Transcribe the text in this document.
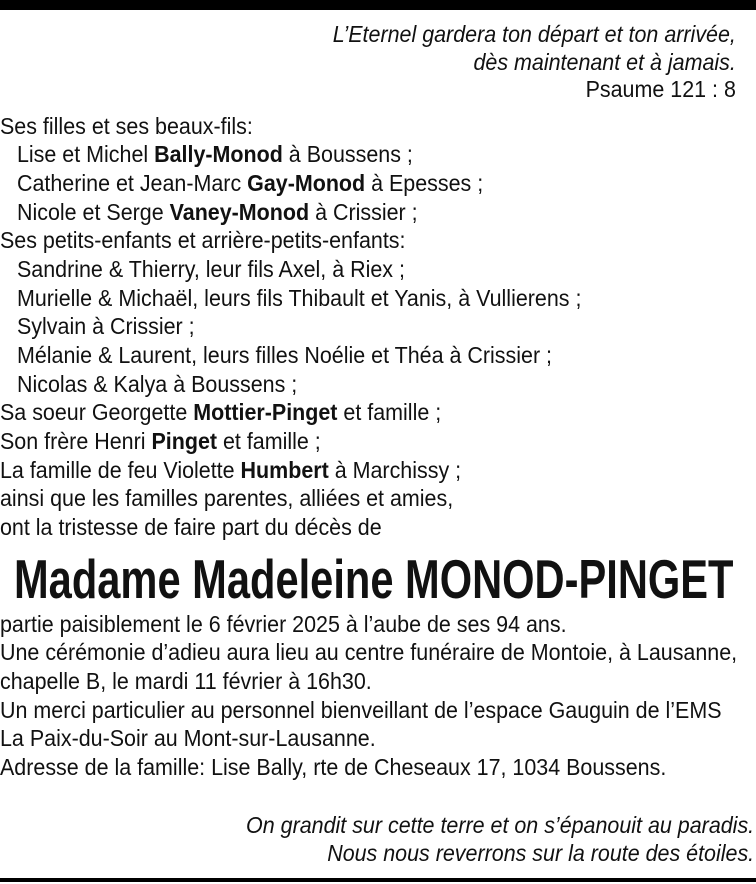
L’Eternel gardera ton départ et ton arrivée,
dès maintenant et à jamais.
Psaume 121 : 8
Ses filles et ses beaux-fils:
Lise et Michel Bally-Monod à Boussens ;
Catherine et Jean-Marc Gay-Monod à Epesses ;
Nicole et Serge Vaney-Monod à Crissier ;
Ses petits-enfants et arrière-petits-enfants:
Sandrine & Thierry, leur fils Axel, à Riex ;
Murielle & Michaël, leurs fils Thibault et Yanis, à Vullierens ;
Sylvain à Crissier ;
Mélanie & Laurent, leurs filles Noélie et Théa à Crissier ;
Nicolas & Kalya à Boussens ;
Sa soeur Georgette Mottier-Pinget et famille ;
Son frère Henri Pinget et famille ;
La famille de feu Violette Humbert à Marchissy ;
ainsi que les familles parentes, alliées et amies,
ont la tristesse de faire part du décès de
partie paisiblement le 6 février 2025 à l’aube de ses 94 ans.
Une cérémonie d’adieu aura lieu au centre funéraire de Montoie, à Lausanne,
chapelle B, le mardi 11 février à 16h30.
Un merci particulier au personnel bienveillant de l’espace Gauguin de l’EMS
La Paix-du-Soir au Mont-sur-Lausanne.
Adresse de la famille: Lise Bally, rte de Cheseaux 17, 1034 Boussens.
On grandit sur cette terre et on s’épanouit au paradis.
Nous nous reverrons sur la route des étoiles.
Madame Madeleine MONOD-PINGET
